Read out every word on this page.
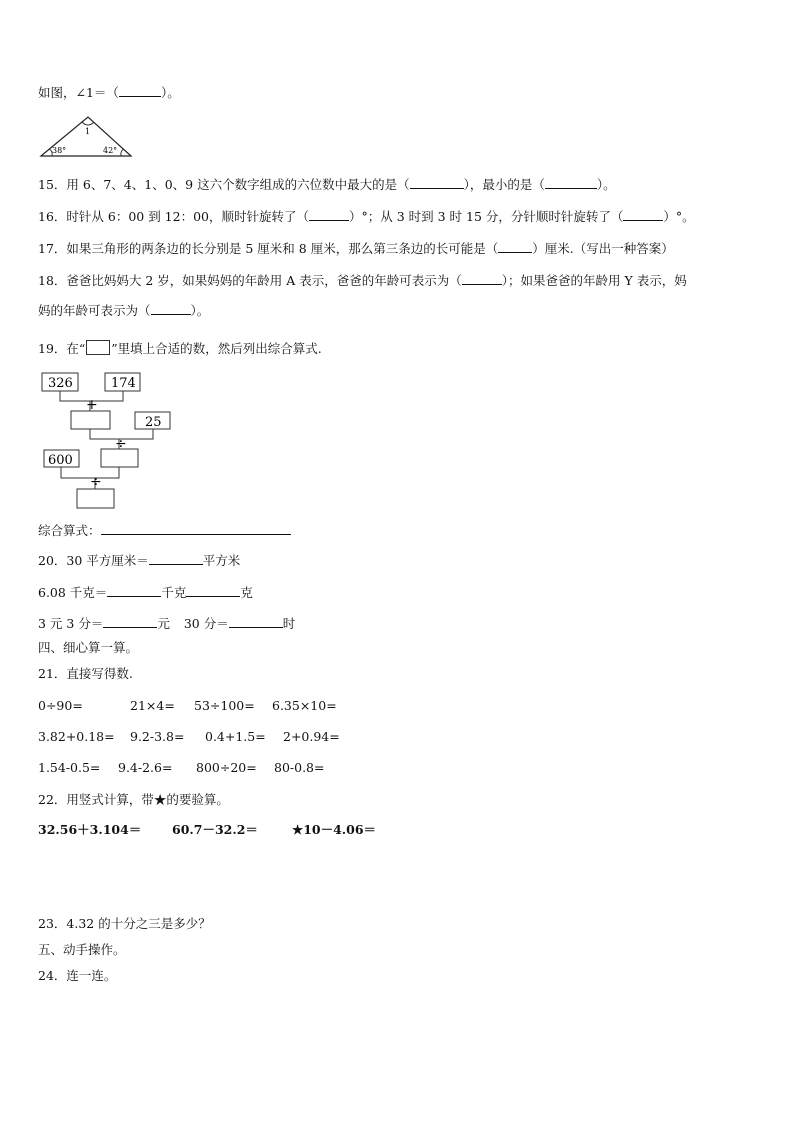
如图，∠1＝（	）。
1
38°	42°
15．用 6、7、4、1、0、9 这六个数字组成的六位数中最大的是（	），最小的是（	）。
16．时针从 6：00 到 12：00，顺时针旋转了（	）°；从 3 时到 3 时 15 分，分针顺时针旋转了（	）°。
17．如果三角形的两条边的长分别是 5 厘米和 8 厘米，那么第三条边的长可能是（	）厘米.（写出一种答案）
18．爸爸比妈妈大 2 岁，如果妈妈的年龄用 A 表示，爸爸的年龄可表示为（	）；如果爸爸的年龄用 Y 表示，妈
妈的年龄可表示为（	）。
19．在“ ”里填上合适的数，然后列出综合算式.
326	174
+
25
÷
600
÷
综合算式：
20．30 平方厘米＝	平方米
6.08 千克＝	千克	克
3 元 3 分＝	元 30 分＝	时
四、细心算一算。
21．直接写得数.
0÷90=	21×4= 53÷100= 6.35×10=
3.82+0.18= 9.2-3.8= 0.4+1.5= 2+0.94=
1.54-0.5= 9.4-2.6= 800÷20= 80-0.8=
22．用竖式计算，带★的要验算。
32.56＋3.104＝ 60.7－32.2＝	★10－4.06＝
23．4.32 的十分之三是多少？
五、动手操作。
24．连一连。
